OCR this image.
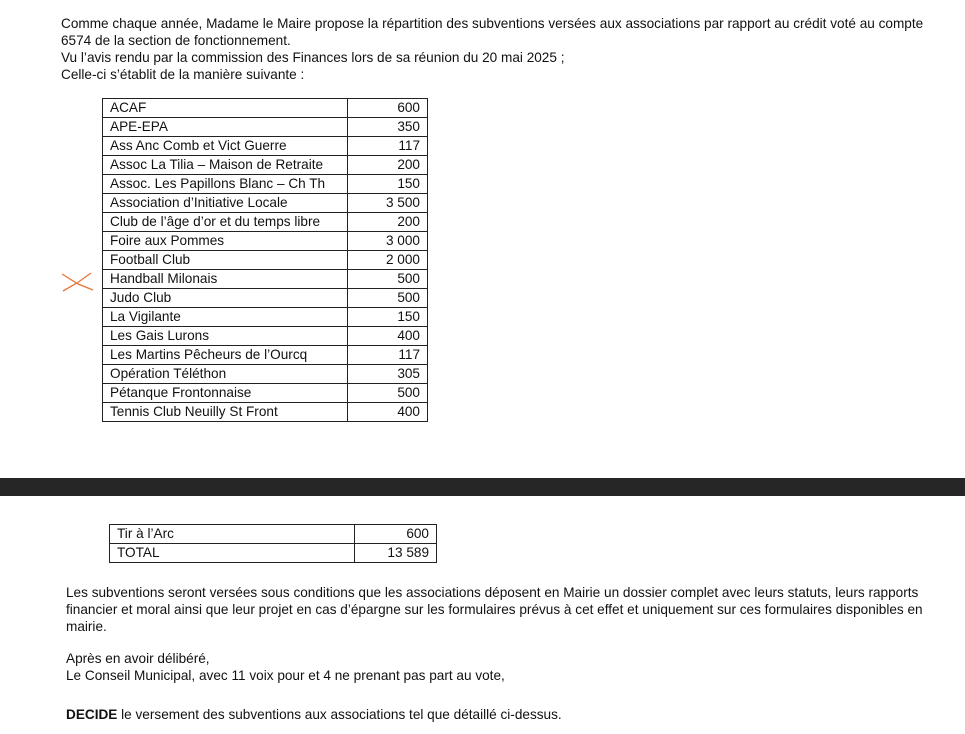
Comme chaque année, Madame le Maire propose la répartition des subventions versées aux associations par rapport au crédit voté au compte 6574 de la section de fonctionnement.
Vu l’avis rendu par la commission des Finances lors de sa réunion du 20 mai 2025 ;
Celle-ci s’établit de la manière suivante :
ACAF	600
APE-EPA	350
Ass Anc Comb et Vict Guerre	117
Assoc La Tilia – Maison de Retraite	200
Assoc. Les Papillons Blanc – Ch Th	150
Association d’Initiative Locale	3 500
Club de l’âge d’or et du temps libre	200
Foire aux Pommes	3 000
Football Club	2 000
Handball Milonais	500
Judo Club	500
La Vigilante	150
Les Gais Lurons	400
Les Martins Pêcheurs de l’Ourcq	117
Opération Téléthon	305
Pétanque Frontonnaise	500
Tennis Club Neuilly St Front	400
Tir à l’Arc	600
TOTAL	13 589

Les subventions seront versées sous conditions que les associations déposent en Mairie un dossier complet avec leurs statuts, leurs rapports financier et moral ainsi que leur projet en cas d’épargne sur les formulaires prévus à cet effet et uniquement sur ces formulaires disponibles en mairie.

Après en avoir délibéré,
Le Conseil Municipal, avec 11 voix pour et 4 ne prenant pas part au vote,

DECIDE le versement des subventions aux associations tel que détaillé ci-dessus.
